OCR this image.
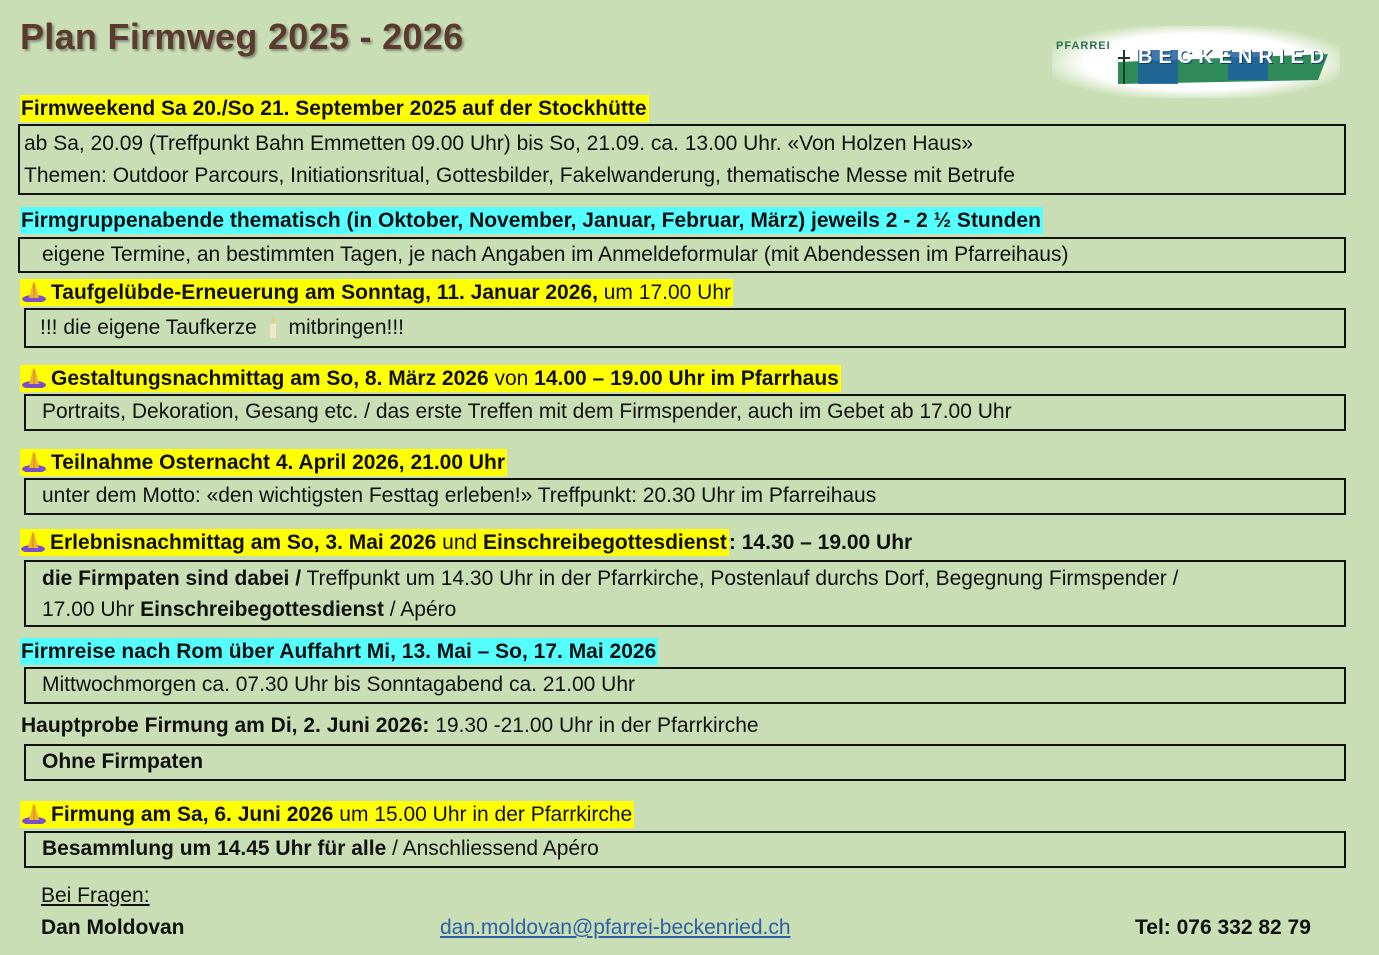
Plan Firmweg 2025 - 2026	PFARREI BECKENRIED
Firmweekend Sa 20./So 21. September 2025 auf der Stockhütte
ab Sa, 20.09 (Treffpunkt Bahn Emmetten 09.00 Uhr) bis So, 21.09. ca. 13.00 Uhr. «Von Holzen Haus»
Themen: Outdoor Parcours, Initiationsritual, Gottesbilder, Fakelwanderung, thematische Messe mit Betrufe
Firmgruppenabende thematisch (in Oktober, November, Januar, Februar, März) jeweils 2 - 2 ½ Stunden
eigene Termine, an bestimmten Tagen, je nach Angaben im Anmeldeformular (mit Abendessen im Pfarreihaus)
Taufgelübde-Erneuerung am Sonntag, 11. Januar 2026, um 17.00 Uhr
!!! die eigene Taufkerze mitbringen!!!
Gestaltungsnachmittag am So, 8. März 2026 von 14.00 – 19.00 Uhr im Pfarrhaus
Portraits, Dekoration, Gesang etc. / das erste Treffen mit dem Firmspender, auch im Gebet ab 17.00 Uhr
Teilnahme Osternacht 4. April 2026, 21.00 Uhr
unter dem Motto: «den wichtigsten Festtag erleben!» Treffpunkt: 20.30 Uhr im Pfarreihaus
Erlebnisnachmittag am So, 3. Mai 2026 und Einschreibegottesdienst: 14.30 – 19.00 Uhr
die Firmpaten sind dabei / Treffpunkt um 14.30 Uhr in der Pfarrkirche, Postenlauf durchs Dorf, Begegnung Firmspender /
17.00 Uhr Einschreibegottesdienst / Apéro
Firmreise nach Rom über Auffahrt Mi, 13. Mai – So, 17. Mai 2026
Mittwochmorgen ca. 07.30 Uhr bis Sonntagabend ca. 21.00 Uhr
Hauptprobe Firmung am Di, 2. Juni 2026: 19.30 -21.00 Uhr in der Pfarrkirche
Ohne Firmpaten
Firmung am Sa, 6. Juni 2026 um 15.00 Uhr in der Pfarrkirche
Besammlung um 14.45 Uhr für alle / Anschliessend Apéro
Bei Fragen:
Dan Moldovan	dan.moldovan@pfarrei-beckenried.ch	Tel: 076 332 82 79
